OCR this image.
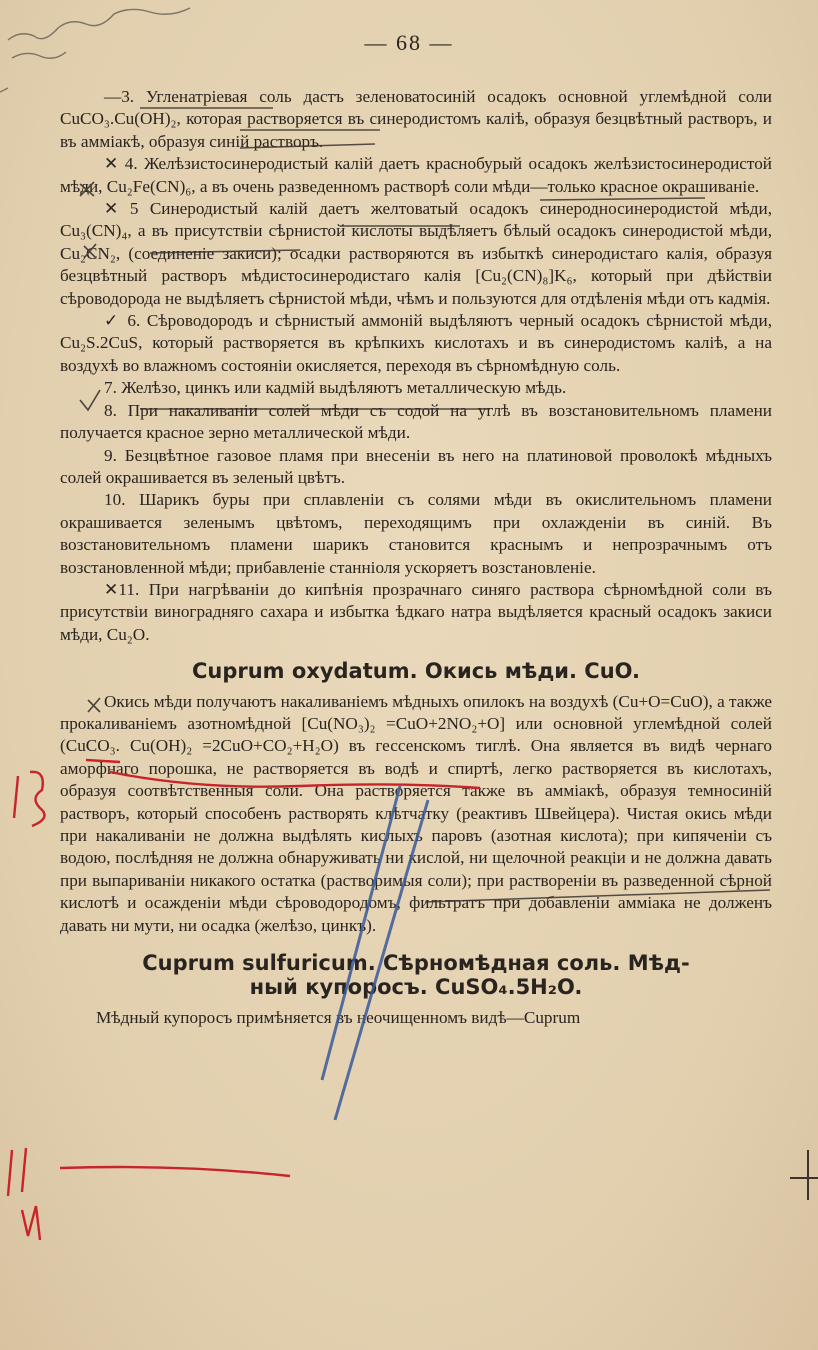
— 68 —

—3. Угленатріевая соль дастъ зеленоватосиній осадокъ основной углемѣдной соли CuCO₃.Cu(OH)₂, которая растворяется въ синеродистомъ каліѣ, образуя безцвѣтный растворъ, и въ амміакѣ, образуя синій растворъ.

✕ 4. Желѣзистосинеродистый калій даетъ краснобурый осадокъ желѣзистосинеродистой мѣди, Cu₂Fe(CN)₆, а въ очень разведенномъ растворѣ соли мѣди—только красное окрашиваніе.

✕ 5 Синеродистый калій даетъ желтоватый осадокъ синеродносинеродистой мѣди, Cu₃(CN)₄, а въ присутствіи сѣрнистой кислоты выдѣляетъ бѣлый осадокъ синеродистой мѣди, Cu₂CN₂, (соединеніе закиси); осадки растворяются въ избыткѣ синеродистаго калія, образуя безцвѣтный растворъ мѣдистосинеродистаго калія [Cu₂(CN)₈]K₆, который при дѣйствіи сѣроводорода не выдѣляетъ сѣрнистой мѣди, чѣмъ и пользуются для отдѣленія мѣди отъ кадмія.

✓ 6. Сѣроводородъ и сѣрнистый аммоній выдѣляютъ черный осадокъ сѣрнистой мѣди, Cu₂S.2CuS, который растворяется въ крѣпкихъ кислотахъ и въ синеродистомъ каліѣ, а на воздухѣ во влажномъ состояніи окисляется, переходя въ сѣрномѣдную соль.

7. Желѣзо, цинкъ или кадмій выдѣляютъ металлическую мѣдь.

8. При накаливаніи солей мѣди съ содой на углѣ въ возстановительномъ пламени получается красное зерно металлической мѣди.

9. Безцвѣтное газовое пламя при внесеніи въ него на платиновой проволокѣ мѣдныхъ солей окрашивается въ зеленый цвѣтъ.

10. Шарикъ буры при сплавленіи съ солями мѣди въ окислительномъ пламени окрашивается зеленымъ цвѣтомъ, переходящимъ при охлажденіи въ синій. Въ возстановительномъ пламени шарикъ становится краснымъ и непрозрачнымъ отъ возстановленной мѣди; прибавленіе станніоля ускоряетъ возстановленіе.

✕11. При нагрѣваніи до кипѣнія прозрачнаго синяго раствора сѣрномѣдной соли въ присутствіи виноградняго сахара и избытка ѣдкаго натра выдѣляется красный осадокъ закиси мѣди, Cu₂O.

Cuprum oxydatum. Окись мѣди. CuO.

Окись мѣди получаютъ накаливаніемъ мѣдныхъ опилокъ на воздухѣ (Cu+O=CuO), а также прокаливаніемъ азотномѣдной [Cu(NO₃)₂ =CuO+2NO₂+O] или основной углемѣдной солей (CuCO₃. Cu(OH)₂ =2CuO+CO₂+H₂O) въ гессенскомъ тиглѣ. Она является въ видѣ чернаго аморфнаго порошка, не растворяется въ водѣ и спиртѣ, легко растворяется въ кислотахъ, образуя соотвѣтственныя соли. Она растворяется также въ амміакѣ, образуя темносиній растворъ, который способенъ растворять клѣтчатку (реактивъ Швейцера). Чистая окись мѣди при накаливаніи не должна выдѣлять кислыхъ паровъ (азотная кислота); при кипяченіи съ водою, послѣдняя не должна обнаруживать ни кислой, ни щелочной реакціи и не должна давать при выпариваніи никакого остатка (растворимыя соли); при растворенiи въ разведенной сѣрной кислотѣ и осажденіи мѣди сѣроводородомъ, фильтратъ при добавленіи амміака не долженъ давать ни мути, ни осадка (желѣзо, цинкъ).

Cuprum sulfuricum. Сѣрномѣдная соль. Мѣд-
ный купоросъ. CuSO₄.5H₂O.

Мѣдный купоросъ примѣняется въ неочищенномъ видѣ—Cuprum
